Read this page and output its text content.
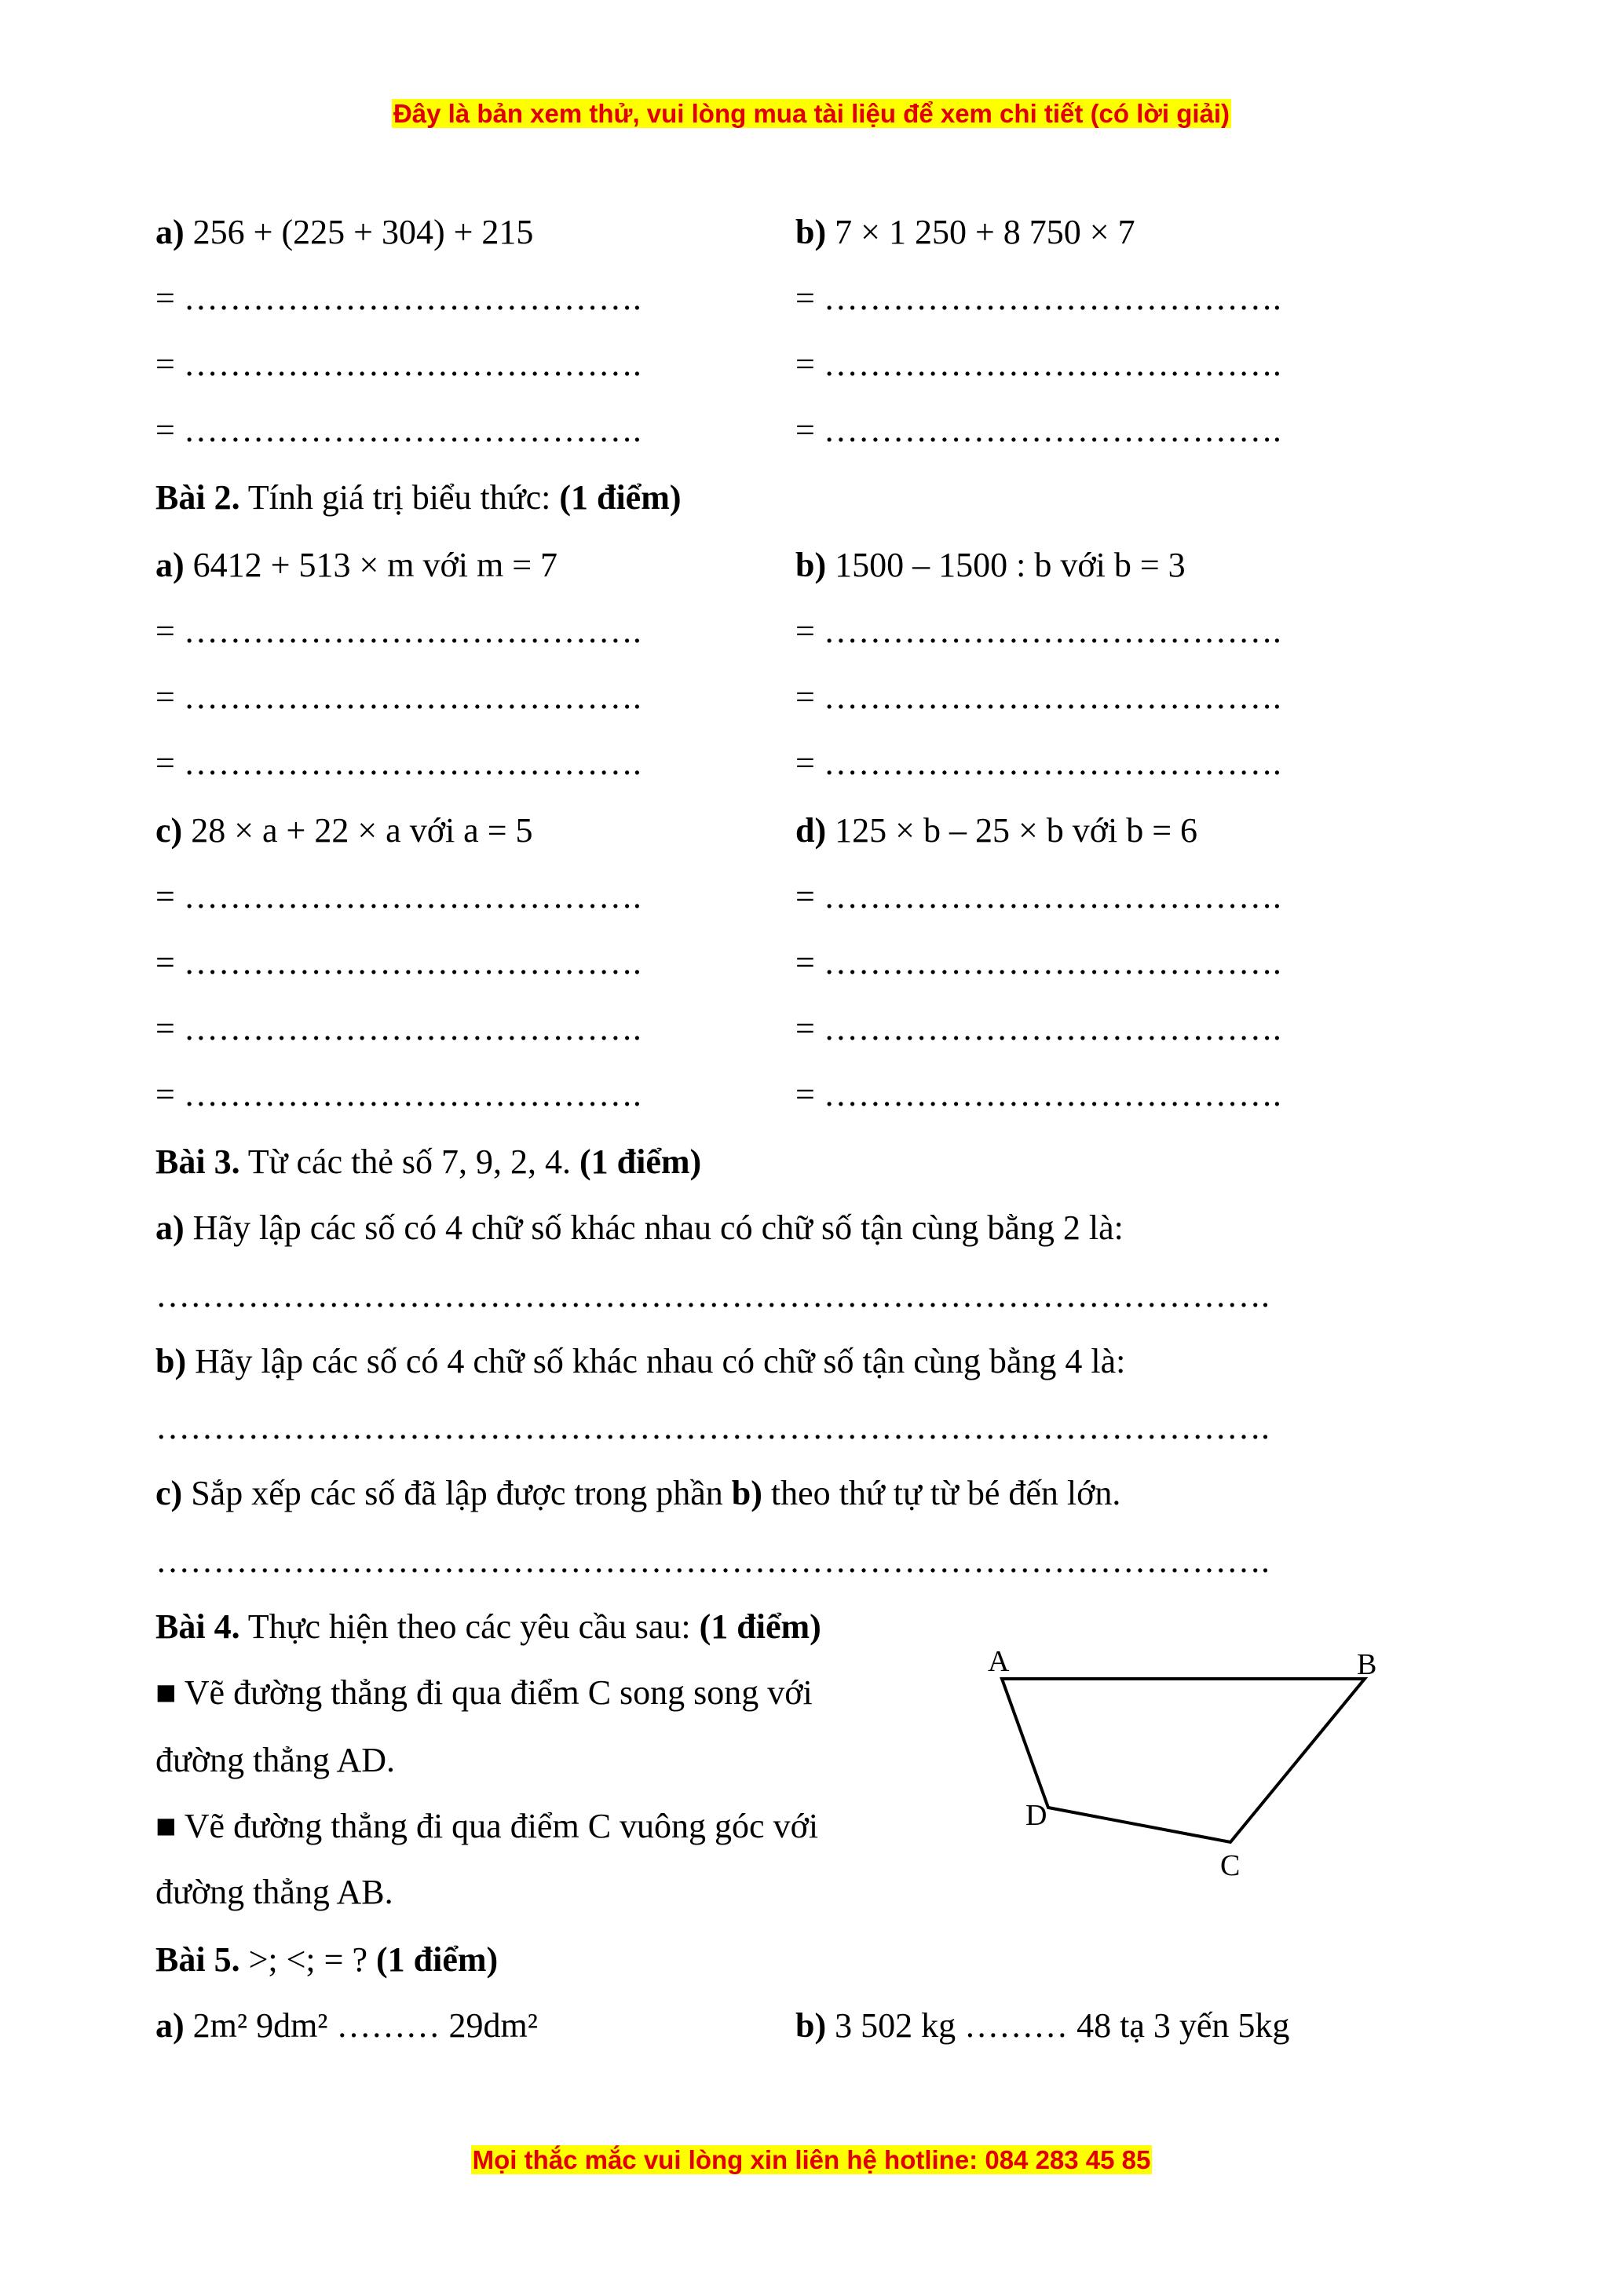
Đây là bản xem thử, vui lòng mua tài liệu để xem chi tiết (có lời giải)
a) 256 + (225 + 304) + 215	b) 7 × 1 250 + 8 750 × 7
= ………………………………….	= ………………………………….
= ………………………………….	= ………………………………….
= ………………………………….	= ………………………………….
Bài 2. Tính giá trị biểu thức: (1 điểm)
a) 6412 + 513 × m với m = 7	b) 1500 – 1500 : b với b = 3
= ………………………………….	= ………………………………….
= ………………………………….	= ………………………………….
= ………………………………….	= ………………………………….
c) 28 × a + 22 × a với a = 5	d) 125 × b – 25 × b với b = 6
= ………………………………….	= ………………………………….
= ………………………………….	= ………………………………….
= ………………………………….	= ………………………………….
= ………………………………….	= ………………………………….
Bài 3. Từ các thẻ số 7, 9, 2, 4. (1 điểm)
a) Hãy lập các số có 4 chữ số khác nhau có chữ số tận cùng bằng 2 là:
…………………………………………………………………………………….
b) Hãy lập các số có 4 chữ số khác nhau có chữ số tận cùng bằng 4 là:
…………………………………………………………………………………….
c) Sắp xếp các số đã lập được trong phần b) theo thứ tự từ bé đến lớn.
…………………………………………………………………………………….
Bài 4. Thực hiện theo các yêu cầu sau: (1 điểm)
■ Vẽ đường thẳng đi qua điểm C song song với
đường thẳng AD.
■ Vẽ đường thẳng đi qua điểm C vuông góc với
đường thẳng AB.
A	B
D
C
Bài 5. >; <; = ? (1 điểm)
a) 2m² 9dm² ……… 29dm²	b) 3 502 kg ……… 48 tạ 3 yến 5kg
Mọi thắc mắc vui lòng xin liên hệ hotline: 084 283 45 85
